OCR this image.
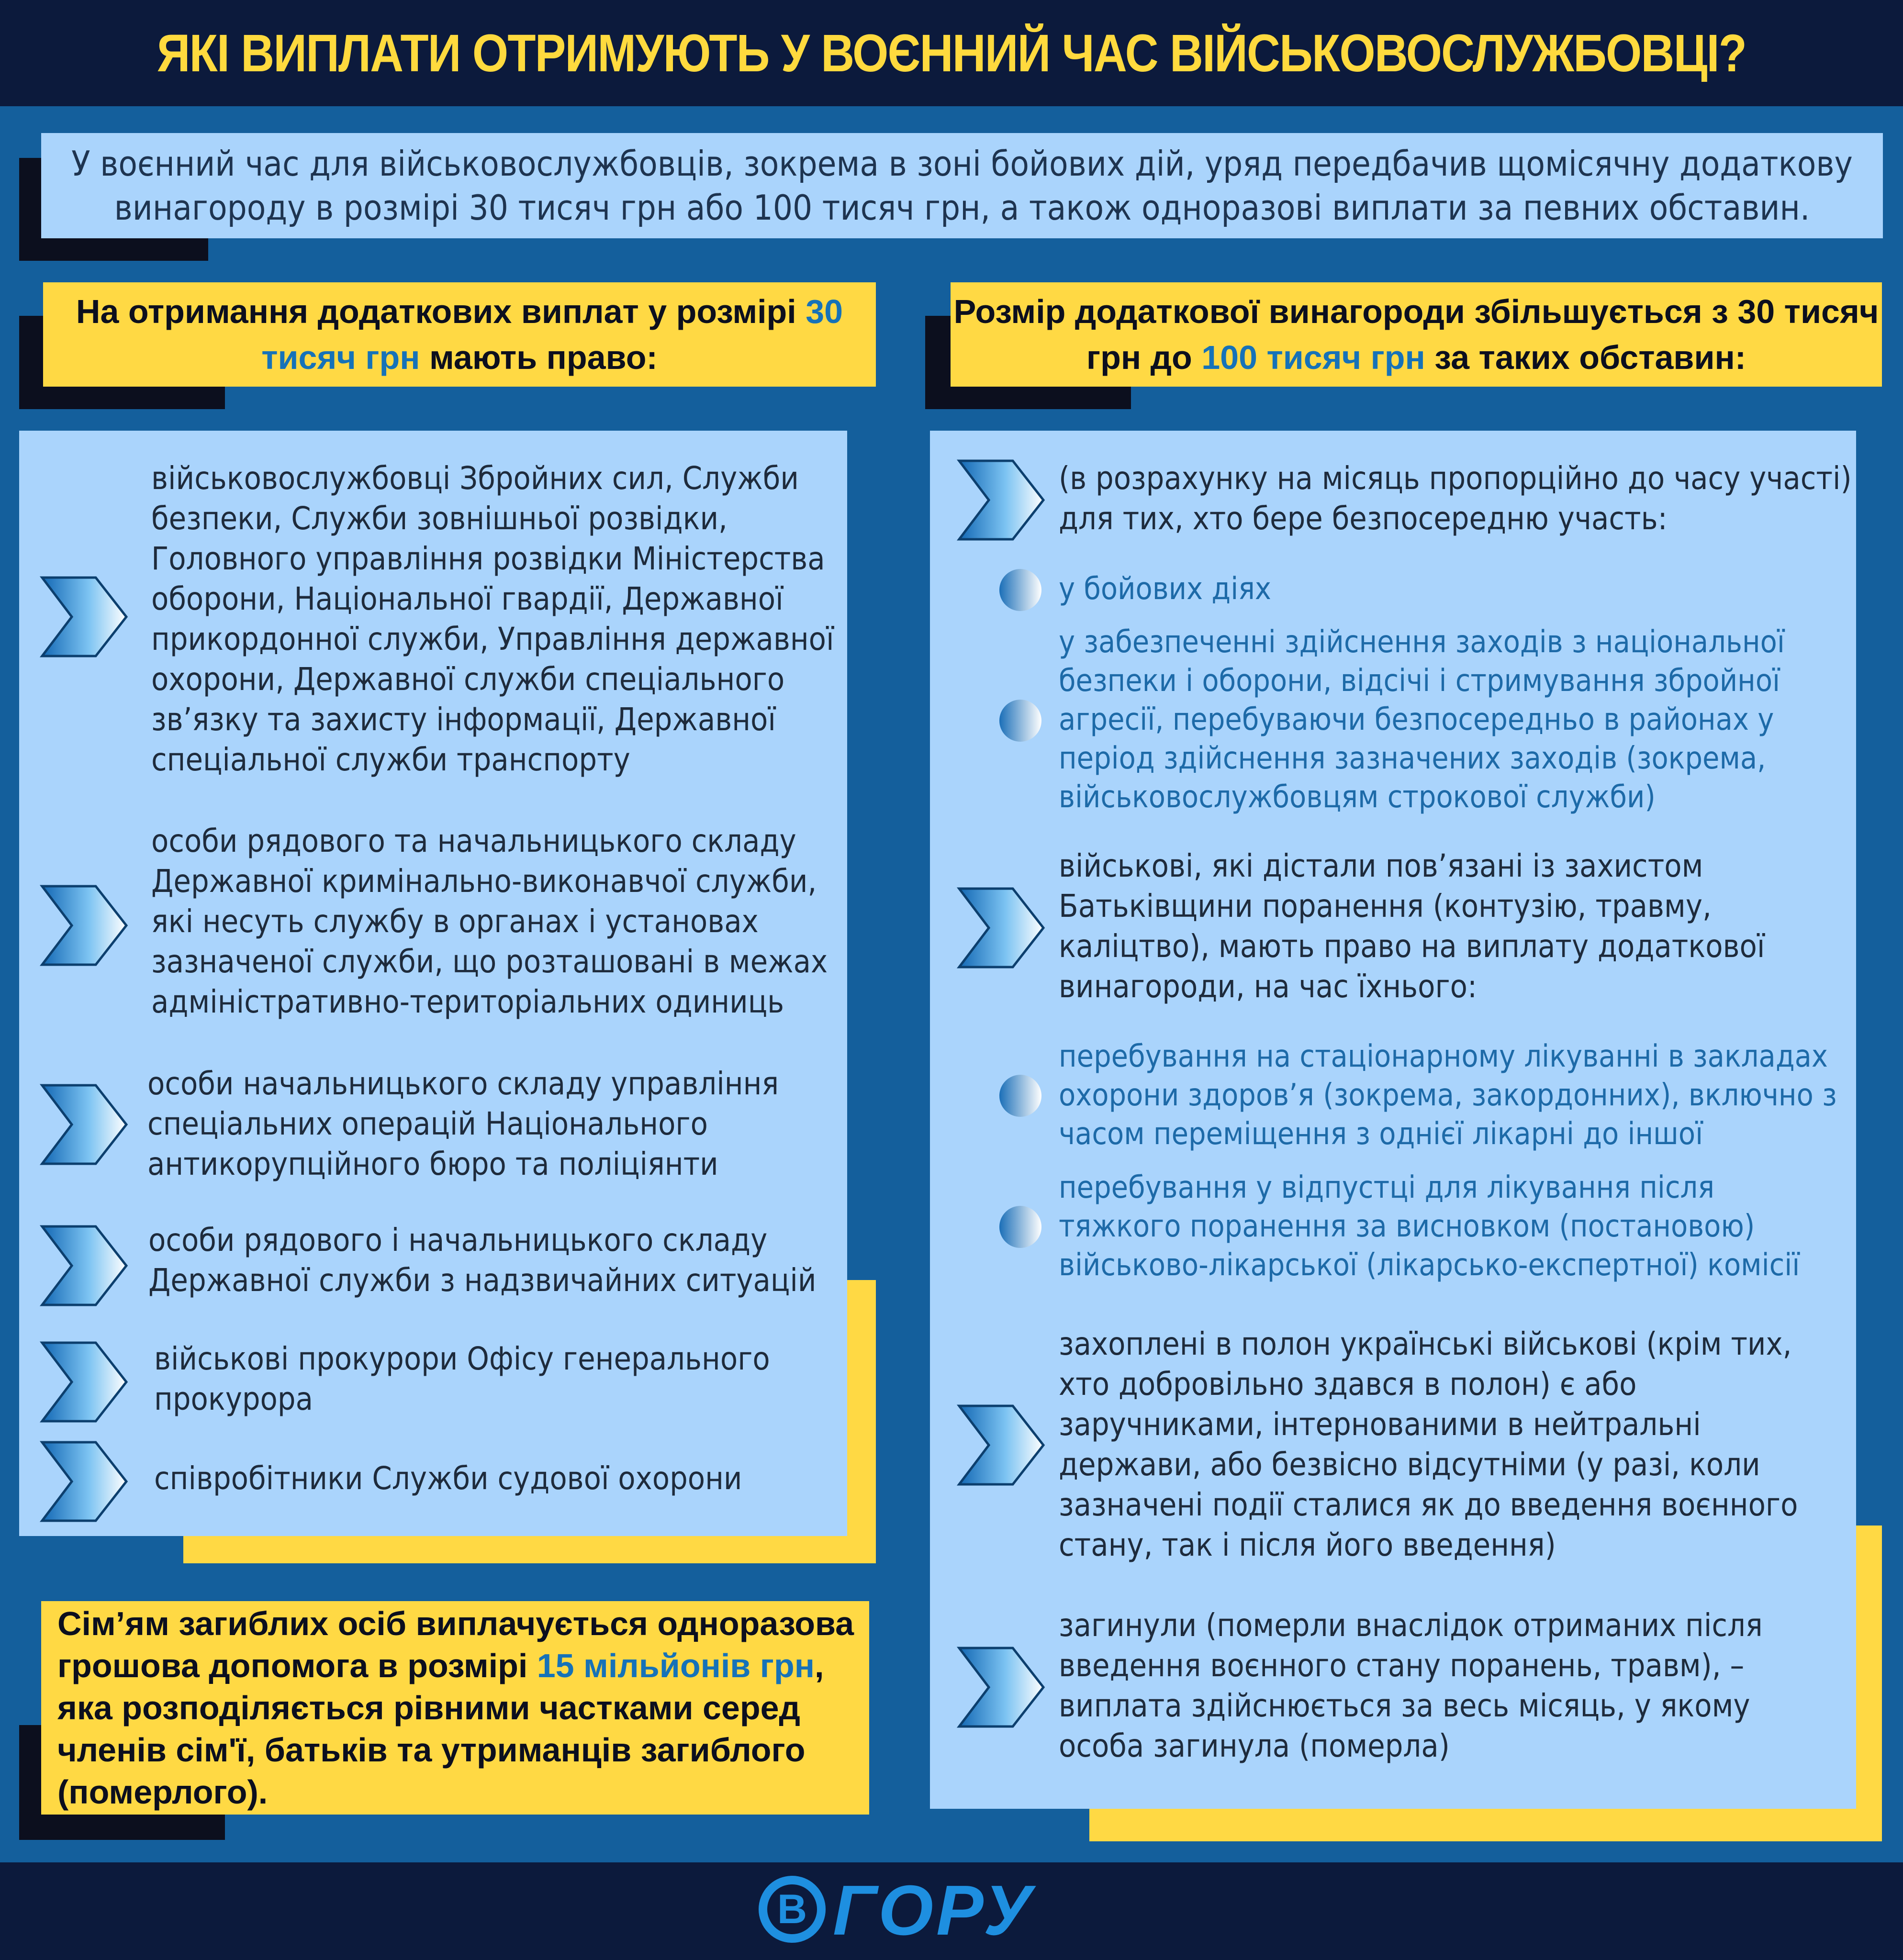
ЯКІ ВИПЛАТИ ОТРИМУЮТЬ У ВОЄННИЙ ЧАС ВІЙСЬКОВОСЛУЖБОВЦІ?
У воєнний час для військовослужбовців, зокрема в зоні бойових дій, уряд передбачив щомісячну додаткову винагороду в розмірі 30 тисяч грн або 100 тисяч грн, а також одноразові виплати за певних обставин.
На отримання додаткових виплат у розмірі 30 тисяч грн мають право:
Розмір додаткової винагороди збільшується з 30 тисяч грн до 100 тисяч грн за таких обставин:
військовослужбовці Збройних сил, Служби безпеки, Служби зовнішньої розвідки, Головного управління розвідки Міністерства оборони, Національної гвардії, Державної прикордонної служби, Управління державної охорони, Державної служби спеціального зв’язку та захисту інформації, Державної спеціальної служби транспорту
особи рядового та начальницького складу Державної кримінально-виконавчої служби, які несуть службу в органах і установах зазначеної служби, що розташовані в межах адміністративно-територіальних одиниць
особи начальницького складу управління спеціальних операцій Національного антикорупційного бюро та поліціянти
особи рядового і начальницького складу Державної служби з надзвичайних ситуацій
військові прокурори Офісу генерального прокурора
співробітники Служби судової охорони
Сім’ям загиблих осіб виплачується одноразова грошова допомога в розмірі 15 мільйонів грн, яка розподіляється рівними частками серед членів сім'ї, батьків та утриманців загиблого (померлого).
(в розрахунку на місяць пропорційно до часу участі) для тих, хто бере безпосередню участь:
у бойових діях
у забезпеченні здійснення заходів з національної безпеки і оборони, відсічі і стримування збройної агресії, перебуваючи безпосередньо в районах у період здійснення зазначених заходів (зокрема, військовослужбовцям строкової служби)
військові, які дістали пов’язані із захистом Батьківщини поранення (контузію, травму, каліцтво), мають право на виплату додаткової винагороди, на час їхнього:
перебування на стаціонарному лікуванні в закладах охорони здоров’я (зокрема, закордонних), включно з часом переміщення з однієї лікарні до іншої
перебування у відпустці для лікування після тяжкого поранення за висновком (постановою) військово-лікарської (лікарсько-експертної) комісії
захоплені в полон українські військові (крім тих, хто добровільно здався в полон) є або заручниками, інтернованими в нейтральні держави, або безвісно відсутніми (у разі, коли зазначені події сталися як до введення воєнного стану, так і після його введення)
загинули (померли внаслідок отриманих після введення воєнного стану поранень, травм), – виплата здійснюється за весь місяць, у якому особа загинула (померла)
В ГОРУ
